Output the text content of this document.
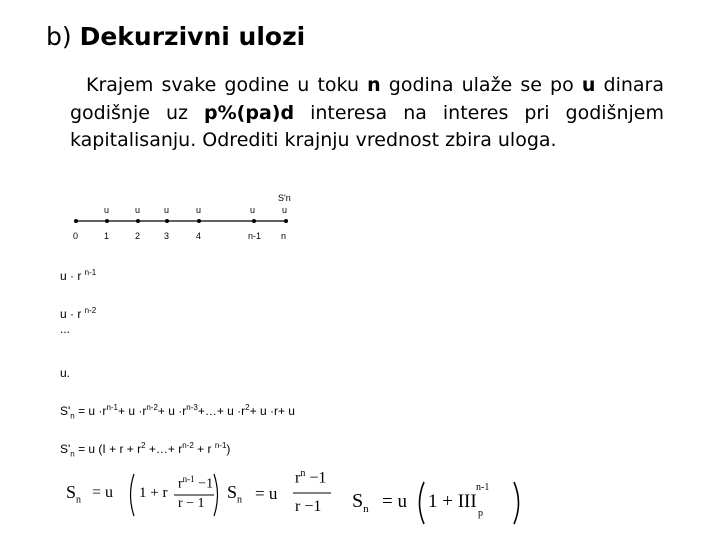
b) Dekurzivni ulozi
Krajem svake godine u toku n godina ulaže se po u dinara godišnje uz p%(pa)d interesa na interes pri godišnjem kapitalisanju. Odrediti krajnju vrednost zbira uloga.
u	u	u	u	u
S'n
u
0	1	2	3	4	n-1 n
u · r $^{n-1}$
u · r $^{n-2}$
...
u.
$S'_n = u \cdot r^{n-1}+ u \cdot r^{n-2}+ u$ $\cdot r^{n-3}+\dots+ u \cdot r^2+ u \cdot r+ u$
$S'_n = u$ ($I + r + r^2$ +…+ $r^{n-2} + r$ $^{n-1}$)
$S_n = u$ 1 + r
$r^{n-1} -1$
r − 1
$S_n = u$
$r^n -1$
r −1 $S_n = u$ 1 + III
n-1
p
